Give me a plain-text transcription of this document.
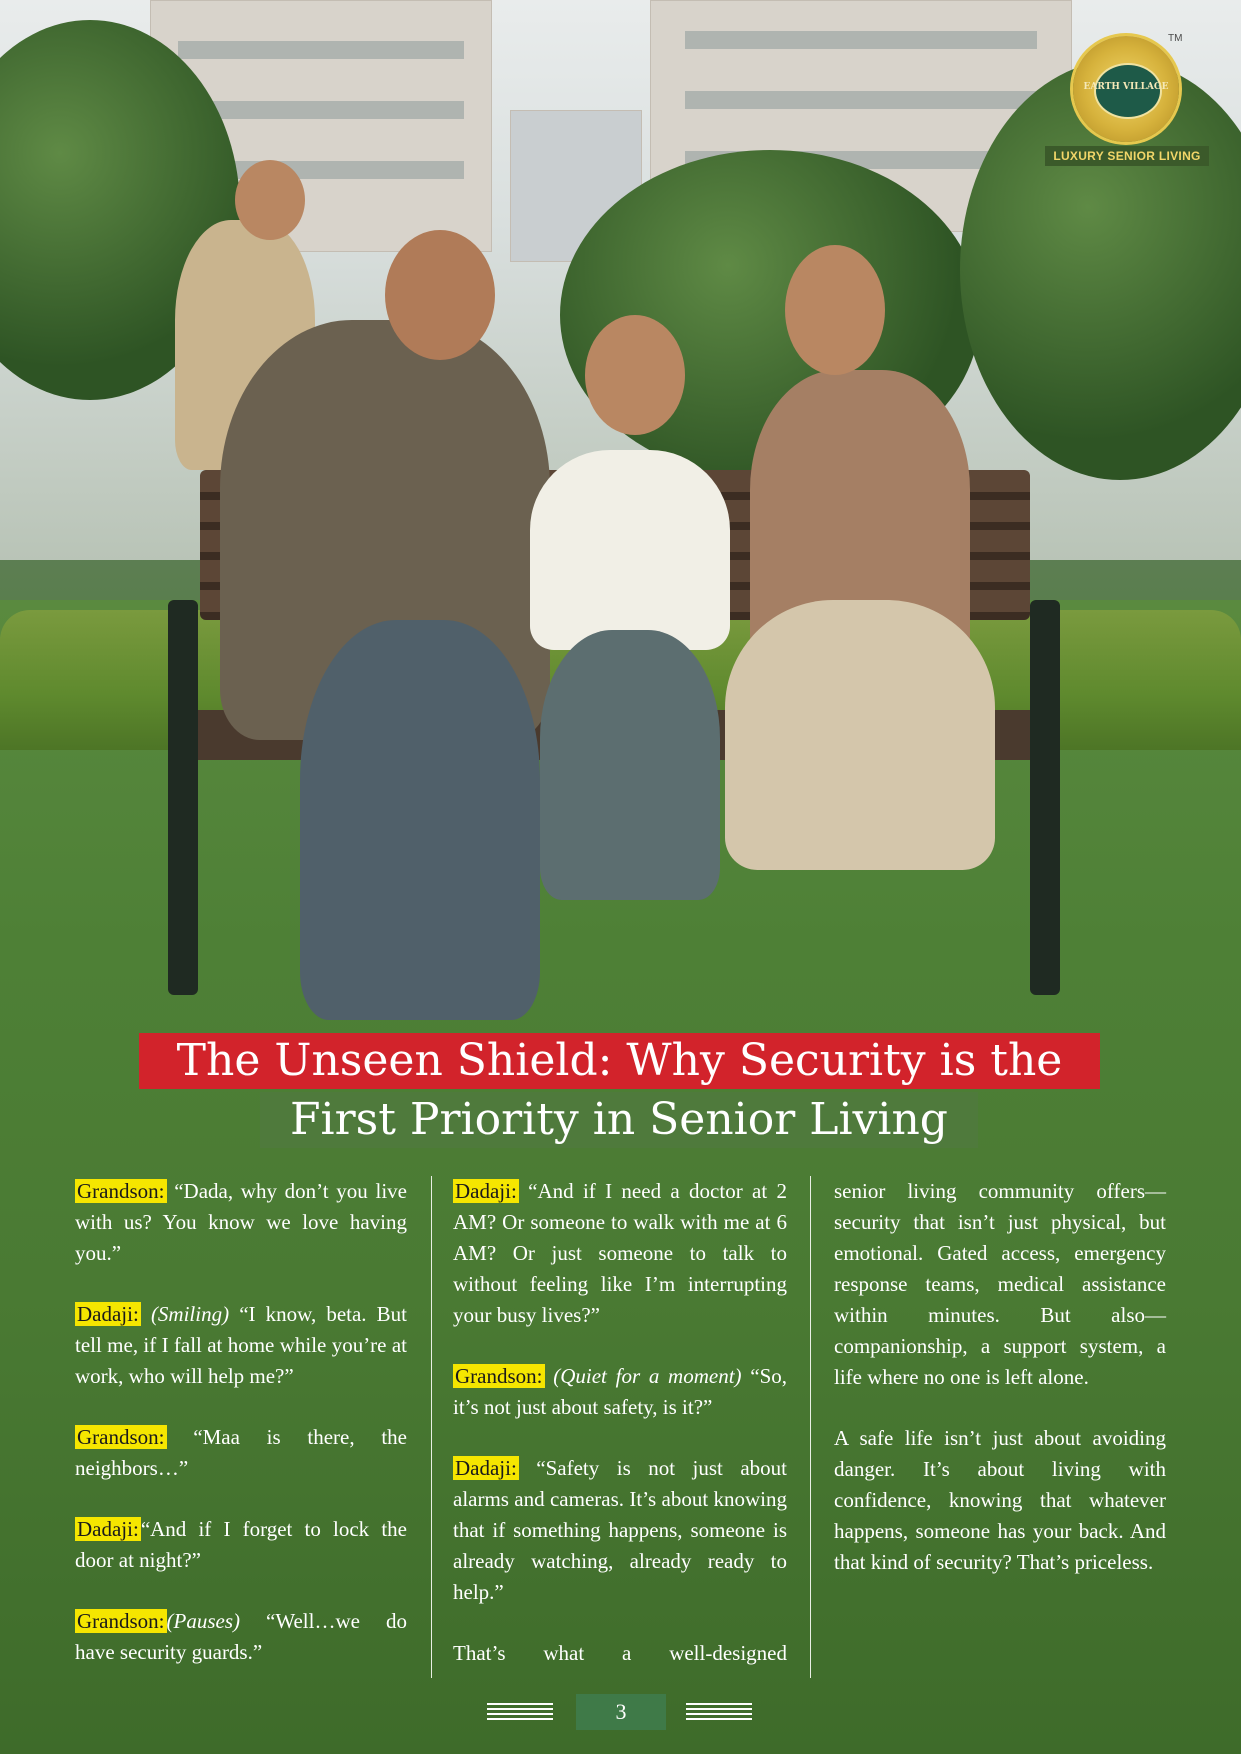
EARTH VILLAGE
TM
LUXURY SENIOR LIVING
The Unseen Shield: Why Security is the
First Priority in Senior Living

Grandson: “Dada, why don’t you live with us? You know we love having you.”

Dadaji: (Smiling) “I know, beta. But tell me, if I fall at home while you’re at work, who will help me?”

Grandson: “Maa is there, the neighbors…”

Dadaji:“And if I forget to lock the door at night?”

Grandson:(Pauses) “Well…we do have security guards.”

Dadaji: “And if I need a doctor at 2 AM? Or someone to walk with me at 6 AM? Or just someone to talk to without feeling like I’m interrupting your busy lives?”

Grandson: (Quiet for a moment) “So, it’s not just about safety, is it?”

Dadaji: “Safety is not just about alarms and cameras. It’s about knowing that if something happens, someone is already watching, already ready to help.”

That’s what a well-designed

senior living community offers—security that isn’t just physical, but emotional. Gated access, emergency response teams, medical assistance within minutes. But also—companionship, a support system, a life where no one is left alone.

A safe life isn’t just about avoiding danger. It’s about living with confidence, knowing that whatever happens, someone has your back. And that kind of security? That’s priceless.

3
